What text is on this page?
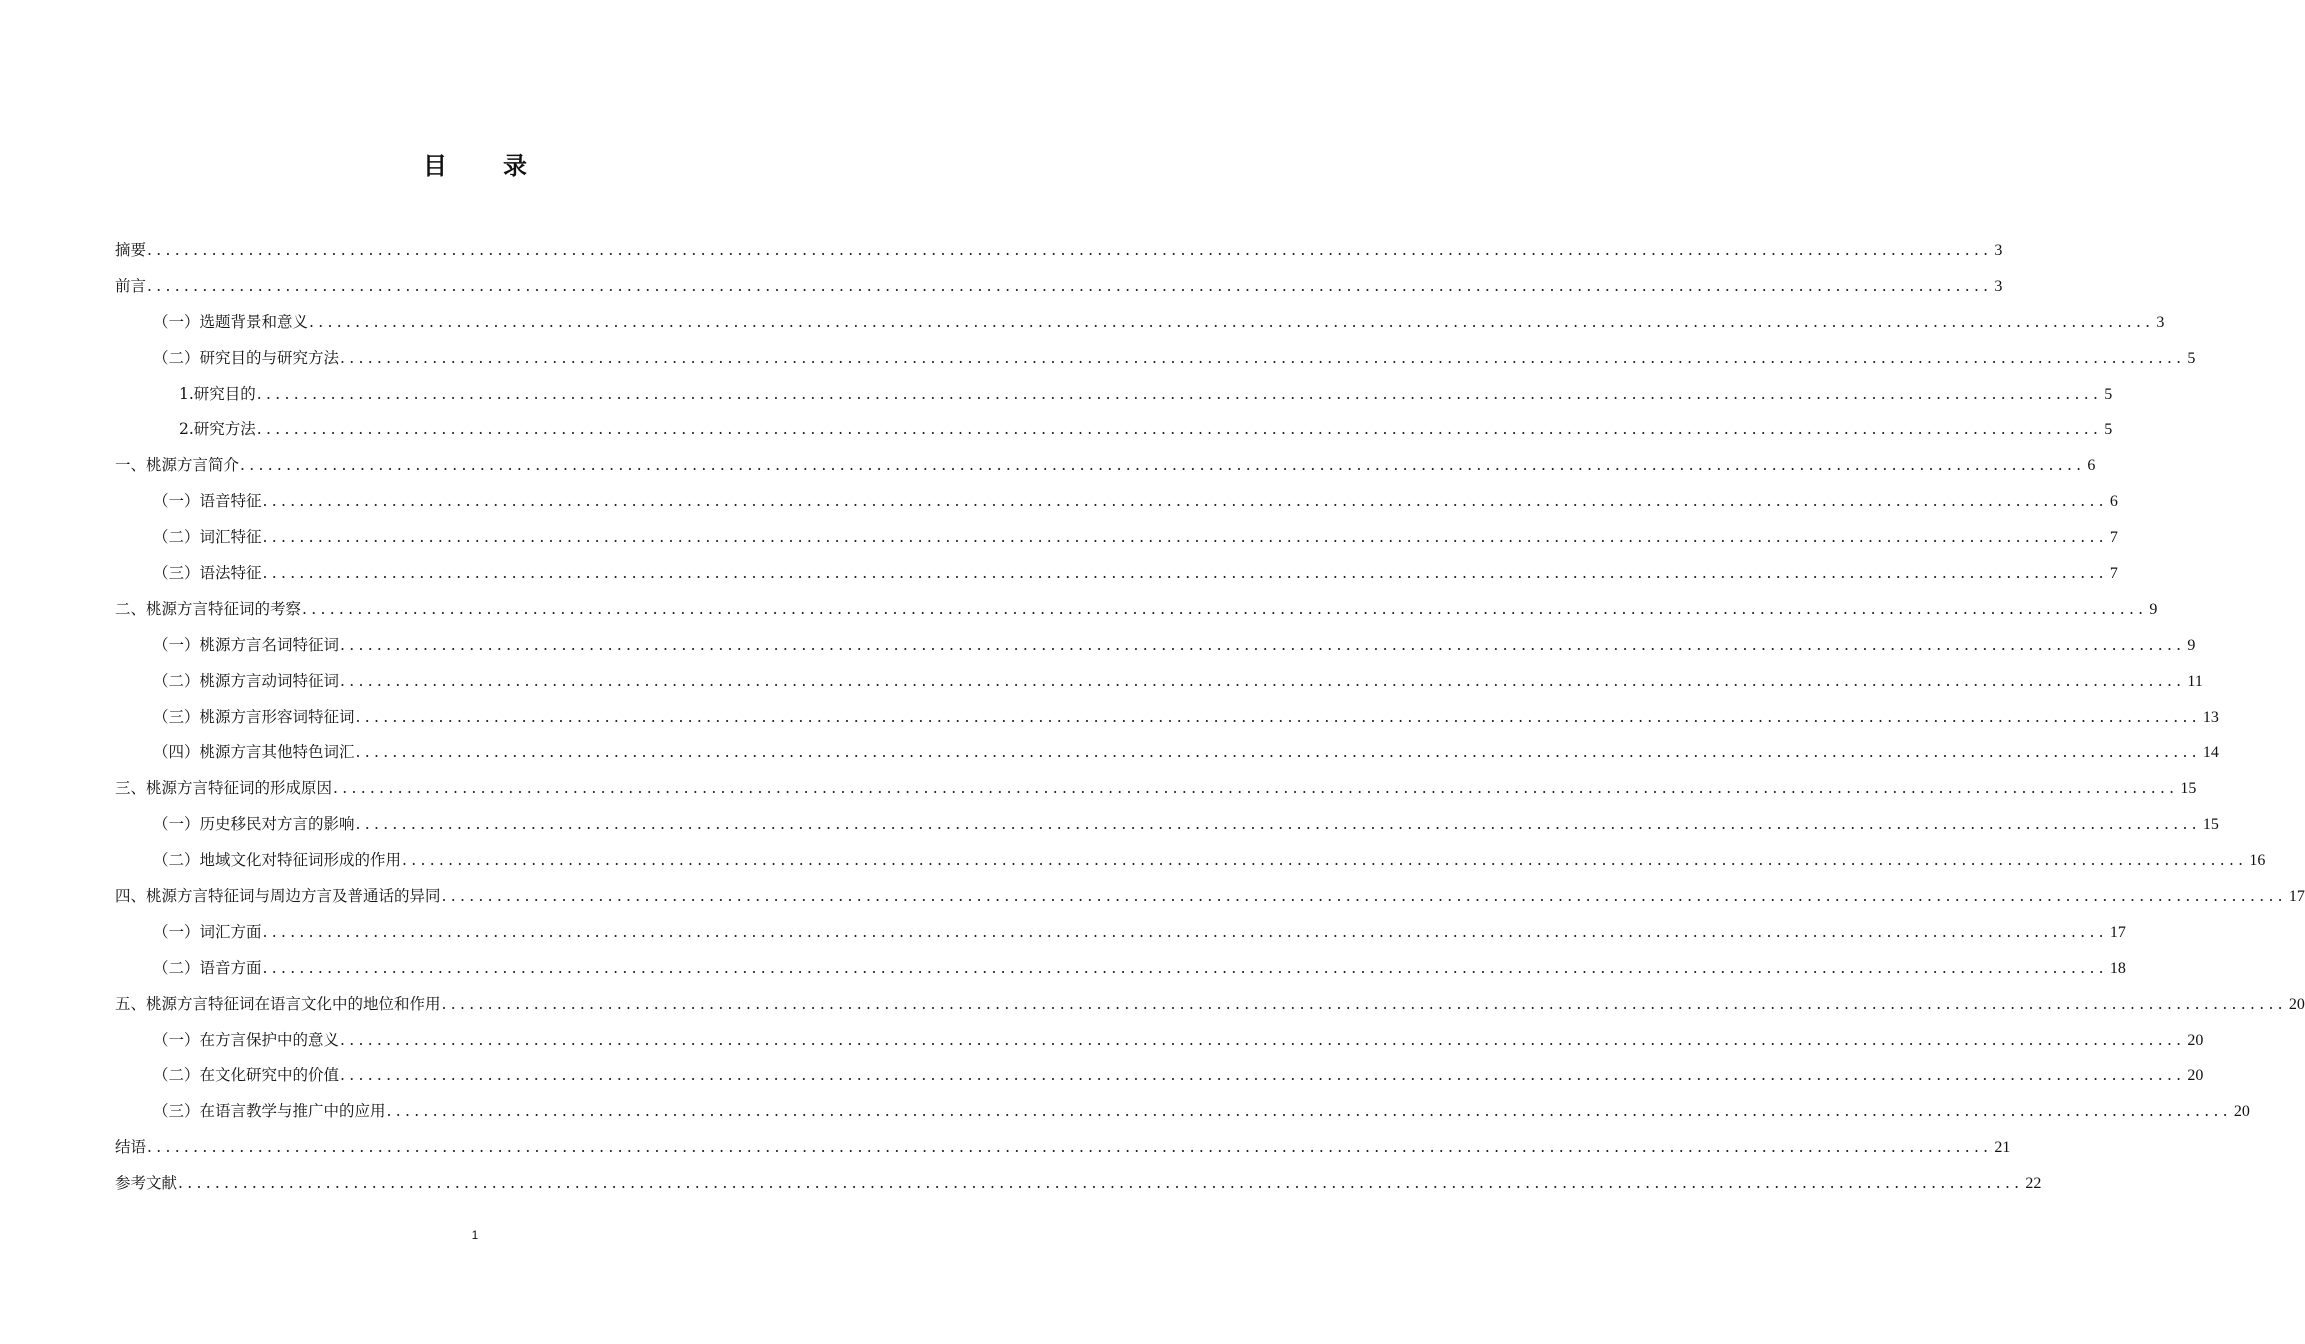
目 录
摘要 ........................................................................................................................................................................................................ 3
前言 ........................................................................................................................................................................................................ 3
（一）选题背景和意义 ........................................................................................................................................................................................................ 3
（二）研究目的与研究方法 ........................................................................................................................................................................................................ 5
1.研究目的 ........................................................................................................................................................................................................ 5
2.研究方法 ........................................................................................................................................................................................................ 5
一、桃源方言简介 ........................................................................................................................................................................................................ 6
（一）语音特征 ........................................................................................................................................................................................................ 6
（二）词汇特征 ........................................................................................................................................................................................................ 7
（三）语法特征 ........................................................................................................................................................................................................ 7
二、桃源方言特征词的考察 ........................................................................................................................................................................................................ 9
（一）桃源方言名词特征词 ........................................................................................................................................................................................................ 9
（二）桃源方言动词特征词 ........................................................................................................................................................................................................ 11
（三）桃源方言形容词特征词 ........................................................................................................................................................................................................ 13
（四）桃源方言其他特色词汇 ........................................................................................................................................................................................................ 14
三、桃源方言特征词的形成原因 ........................................................................................................................................................................................................ 15
（一）历史移民对方言的影响 ........................................................................................................................................................................................................ 15
（二）地域文化对特征词形成的作用 ........................................................................................................................................................................................................ 16
四、桃源方言特征词与周边方言及普通话的异同 ........................................................................................................................................................................................................ 17
（一）词汇方面 ........................................................................................................................................................................................................ 17
（二）语音方面 ........................................................................................................................................................................................................ 18
五、桃源方言特征词在语言文化中的地位和作用 ........................................................................................................................................................................................................ 20
（一）在方言保护中的意义 ........................................................................................................................................................................................................ 20
（二）在文化研究中的价值 ........................................................................................................................................................................................................ 20
（三）在语言教学与推广中的应用 ........................................................................................................................................................................................................ 20
结语 ........................................................................................................................................................................................................ 21
参考文献 ........................................................................................................................................................................................................ 22
1
